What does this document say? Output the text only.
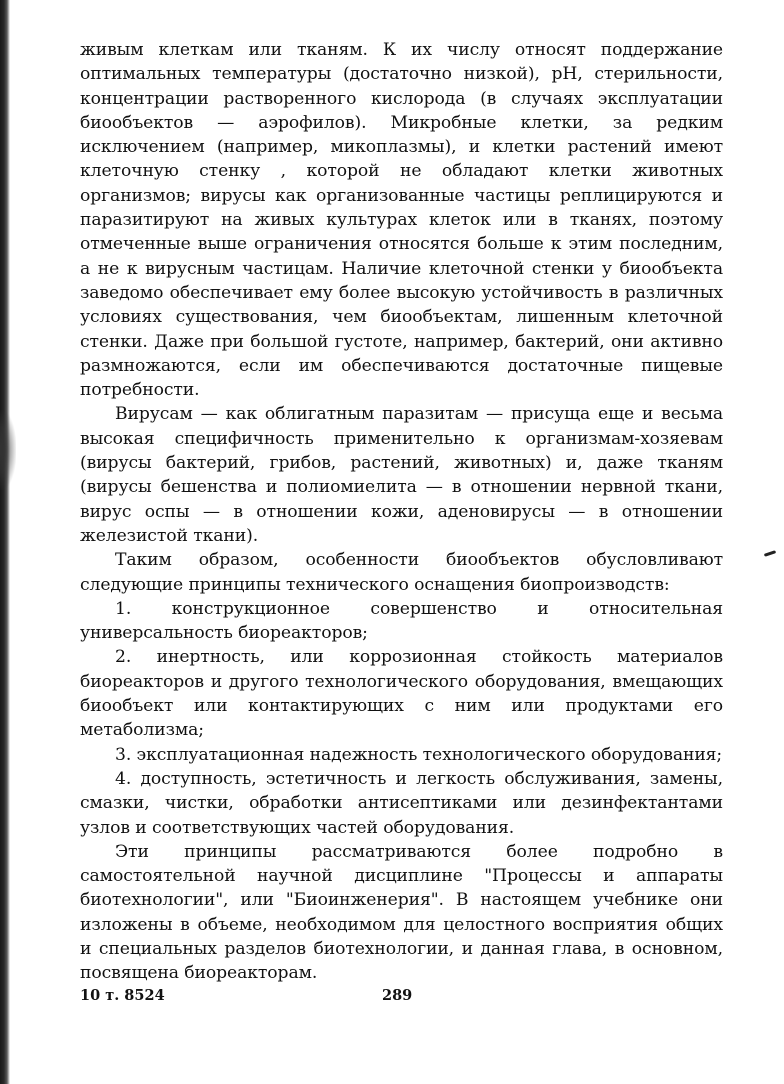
живым клеткам или тканям. К их числу относят поддержание оптимальных температуры (достаточно низкой), рН, стерильности, концентрации растворенного кислорода (в случаях эксплуатации биообъектов — аэрофилов). Микробные клетки, за редким исключением (например, микоплазмы), и клетки растений имеют клеточную стенку , которой не обладают клетки животных организмов; вирусы как организованные частицы реплицируются и паразитируют на живых культурах клеток или в тканях, поэтому отмеченные выше ограничения относятся больше к этим последним, а не к вирусным частицам. Наличие клеточной стенки у биообъекта заведомо обеспечивает ему более высокую устойчивость в различных условиях существования, чем биообъектам, лишенным клеточной стенки. Даже при большой густоте, например, бактерий, они активно размножаются, если им обеспечиваются достаточные пищевые потребности.

Вирусам — как облигатным паразитам — присуща еще и весьма высокая специфичность применительно к организмам-хозяевам (вирусы бактерий, грибов, растений, животных) и, даже тканям (вирусы бешенства и полиомиелита — в отношении нервной ткани, вирус оспы — в отношении кожи, аденовирусы — в отношении железистой ткани).

Таким образом, особенности биообъектов обусловливают следующие принципы технического оснащения биопроизводств:

1. конструкционное совершенство и относительная универсальность биореакторов;

2. инертность, или коррозионная стойкость материалов биореакторов и другого технологического оборудования, вмещающих биообъект или контактирующих с ним или продуктами его метаболизма;

3. эксплуатационная надежность технологического оборудования;

4. доступность, эстетичность и легкость обслуживания, замены, смазки, чистки, обработки антисептиками или дезинфектантами узлов и соответствующих частей оборудования.

Эти принципы рассматриваются более подробно в самостоятельной научной дисциплине "Процессы и аппараты биотехнологии", или "Биоинженерия". В настоящем учебнике они изложены в объеме, необходимом для целостного восприятия общих и специальных разделов биотехнологии, и данная глава, в основном, посвящена биореакторам.

10 т. 8524	289
